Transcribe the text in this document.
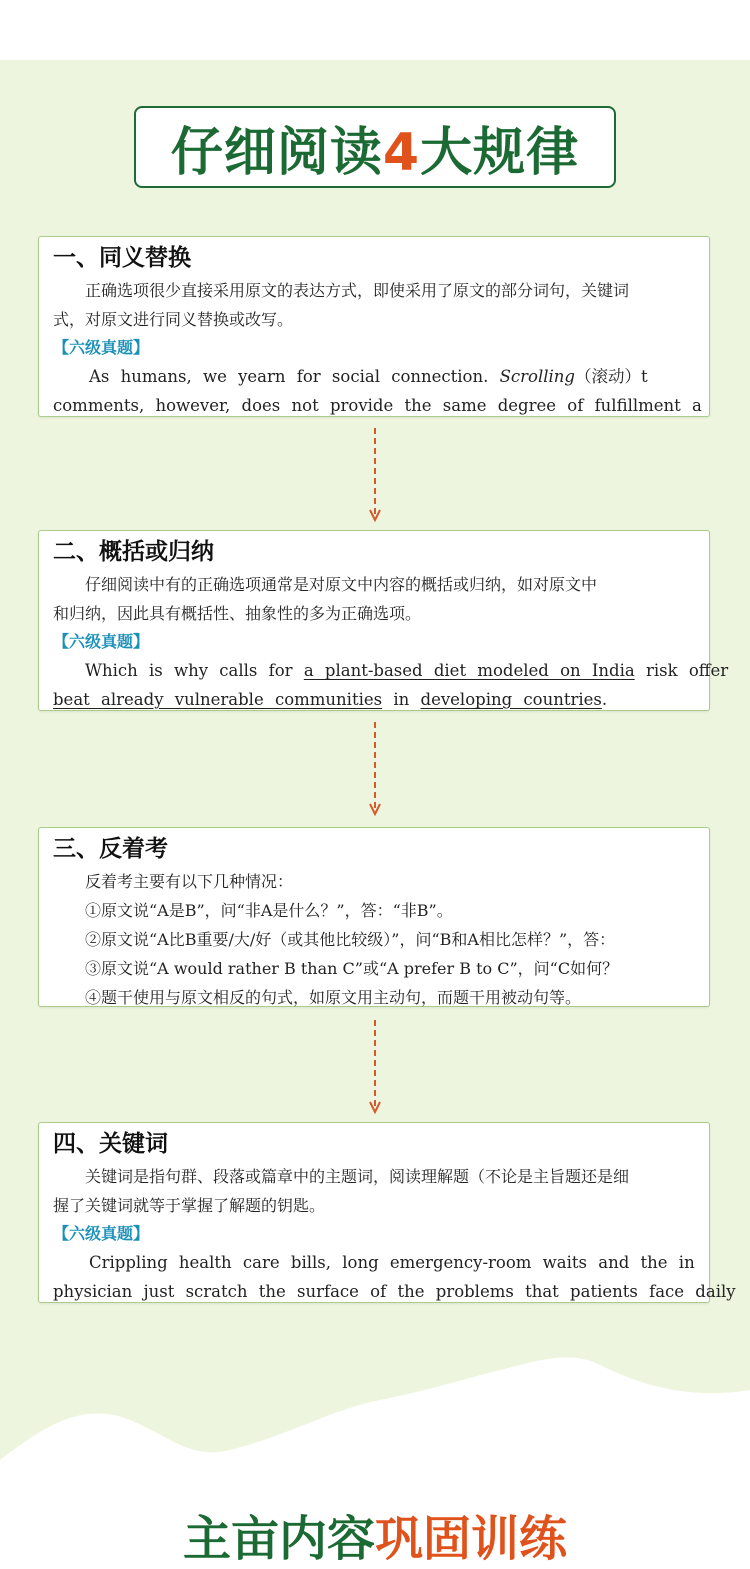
仔细阅读4大规律
一、同义替换
正确选项很少直接采用原文的表达方式，即使采用了原文的部分词句，关键词
式，对原文进行同义替换或改写。
【六级真题】
As humans, we yearn for social connection. Scrolling（滚动）t
comments, however, does not provide the same degree of fulfillment a
二、概括或归纳
仔细阅读中有的正确选项通常是对原文中内容的概括或归纳，如对原文中
和归纳，因此具有概括性、抽象性的多为正确选项。
【六级真题】
Which is why calls for a plant-based diet modeled on India risk offer
beat already vulnerable communities in developing countries.
三、反着考
反着考主要有以下几种情况：
①原文说“A是B”，问“非A是什么？”，答：“非B”。
②原文说“A比B重要/大/好（或其他比较级）”，问“B和A相比怎样？”，答：
③原文说“A would rather B than C”或“A prefer B to C”，问“C如何？
④题干使用与原文相反的句式，如原文用主动句，而题干用被动句等。
四、关键词
关键词是指句群、段落或篇章中的主题词，阅读理解题（不论是主旨题还是细
握了关键词就等于掌握了解题的钥匙。
【六级真题】
Crippling health care bills, long emergency-room waits and the in
physician just scratch the surface of the problems that patients face daily
主亩内容巩固训练
